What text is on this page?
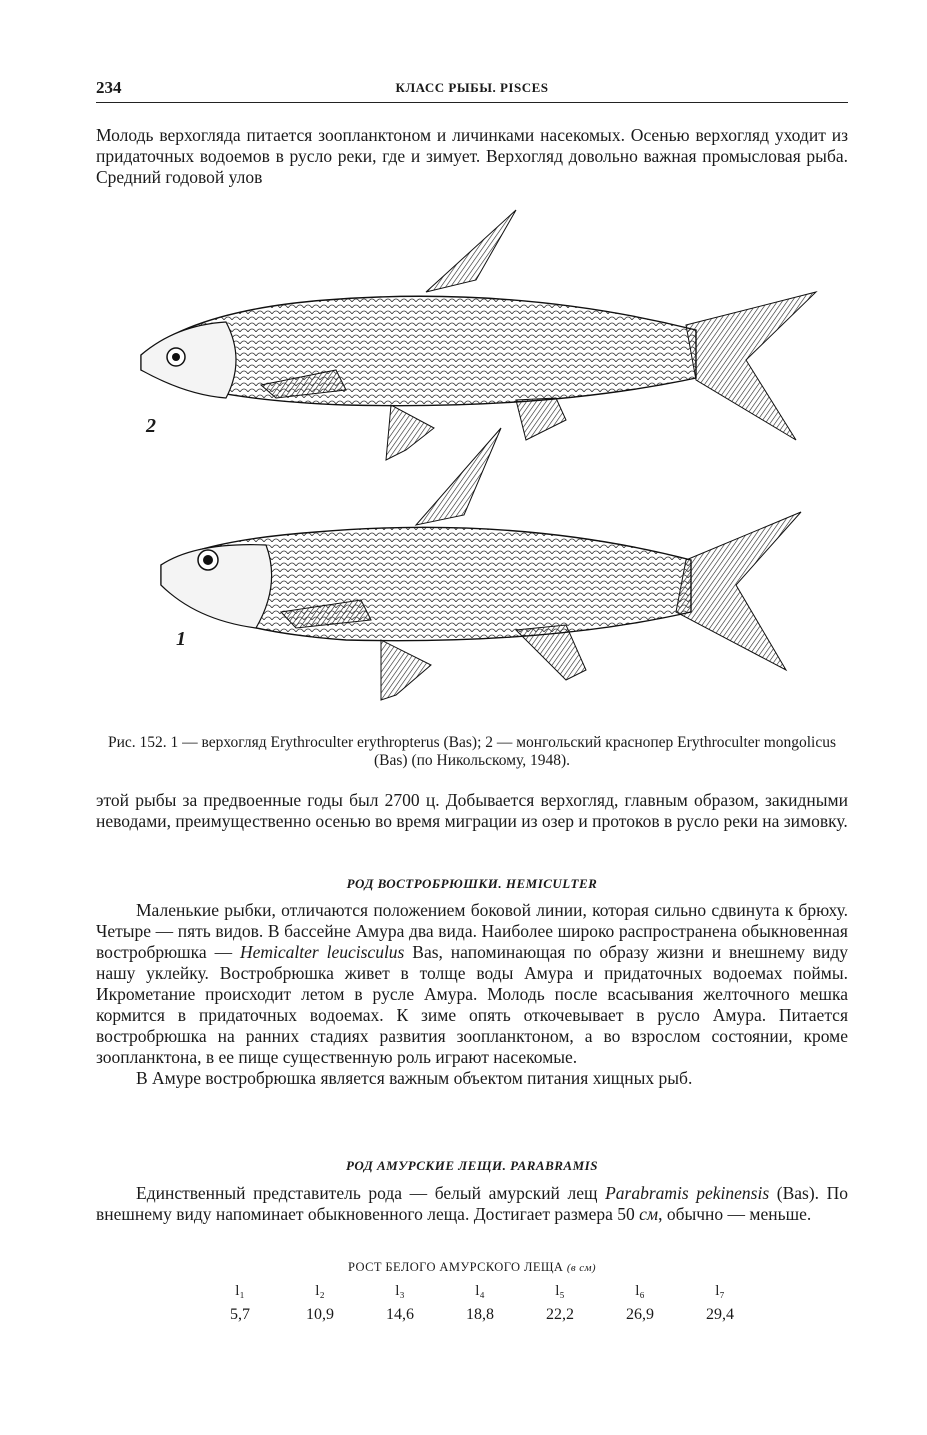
234	КЛАСС РЫБЫ. PISCES

Молодь верхогляда питается зоопланктоном и личинками насекомых. Осенью верхогляд уходит из придаточных водоемов в русло реки, где и зимует. Верхогляд довольно важная промысловая рыба. Средний годовой улов

2
1

Рис. 152. 1 — верхогляд Erythroculter erythropterus (Bas); 2 — монгольский краснопер Erythroculter mongolicus (Bas) (по Никольскому, 1948).

этой рыбы за предвоенные годы был 2700 ц. Добывается верхогляд, главным образом, закидными неводами, преимущественно осенью во время миграции из озер и протоков в русло реки на зимовку.

РОД ВОСТРОБРЮШКИ. HEMICULTER
Маленькие рыбки, отличаются положением боковой линии, которая сильно сдвинута к брюху. Четыре — пять видов. В бассейне Амура два вида. Наиболее широко распространена обыкновенная востробрюшка — Hemicalter leucisculus Bas, напоминающая по образу жизни и внешнему виду нашу уклейку. Востробрюшка живет в толще воды Амура и придаточных водоемах поймы. Икрометание происходит летом в русле Амура. Молодь после всасывания желточного мешка кормится в придаточных водоемах. К зиме опять откочевывает в русло Амура. Питается востробрюшка на ранних стадиях развития зоопланктоном, а во взрослом состоянии, кроме зоопланктона, в ее пище существенную роль играют насекомые.
В Амуре востробрюшка является важным объектом питания хищных рыб.
РОД АМУРСКИЕ ЛЕЩИ. PARABRAMIS

Единственный представитель рода — белый амурский лещ Parabramis pekinensis (Bas). По внешнему виду напоминает обыкновенного леща. Достигает размера 50 см, обычно — меньше.

РОСТ БЕЛОГО АМУРСКОГО ЛЕЩА (в см)
l₁	l₂	l₃	l₄	l₅	l₆	l₇
5,7	10,9	14,6	18,8	22,2	26,9	29,4
